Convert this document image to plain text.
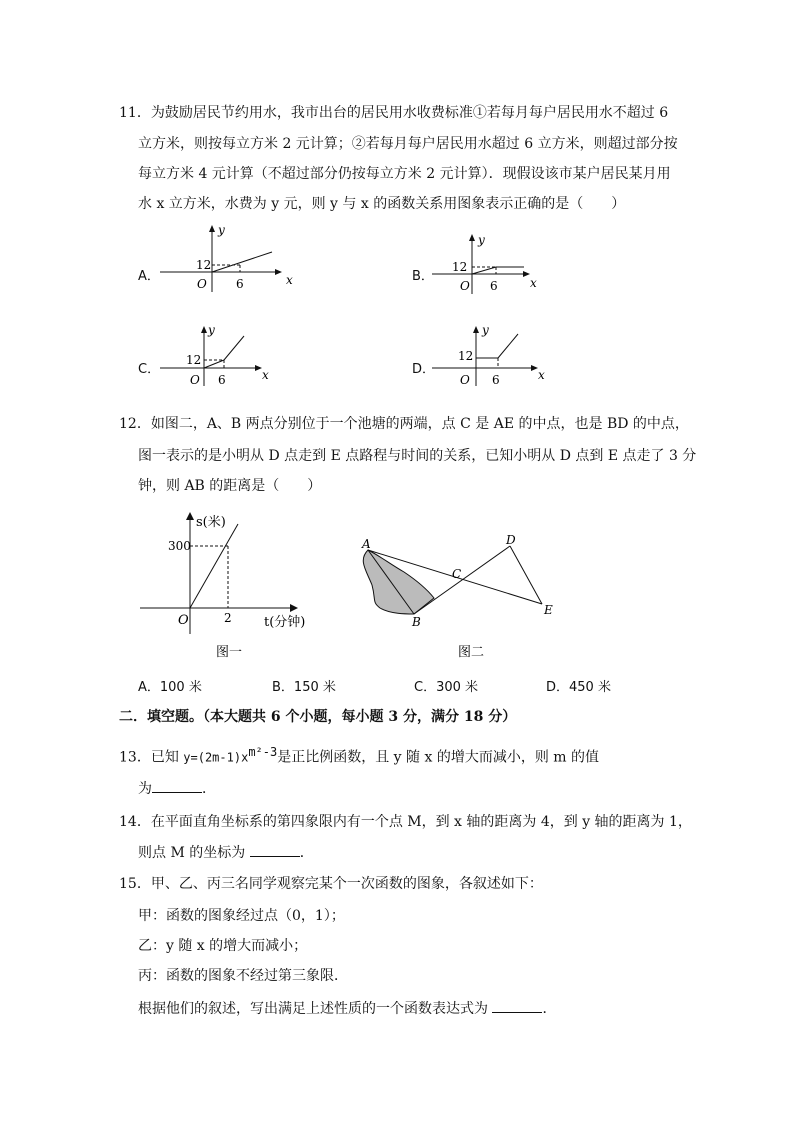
11．为鼓励居民节约用水，我市出台的居民用水收费标准①若每月每户居民用水不超过 6
立方米，则按每立方米 2 元计算；②若每月每户居民用水超过 6 立方米，则超过部分按
每立方米 4 元计算（不超过部分仍按每立方米 2 元计算）．现假设该市某户居民某月用
水 x 立方米，水费为 y 元，则 y 与 x 的函数关系用图象表示正确的是（　　）
A．
y
x
12
O 6	B．
y
x
12
O 6
C．
y
x
12
O 6
D．
y
x
12
O 6
12．如图二，A、B 两点分别位于一个池塘的两端，点 C 是 AE 的中点，也是 BD 的中点，
图一表示的是小明从 D 点走到 E 点路程与时间的关系，已知小明从 D 点到 E 点走了 3 分
钟，则 AB 的距离是（　　）
s(米)
t(分钟)
300
O	2
图一
A
B
C
D
E
图二
A．100 米	B．150 米	C．300 米	D．450 米
二．填空题。（本大题共 6 个小题，每小题 3 分，满分 18 分）
13．已知 y=(2m-1)xm²-3是正比例函数，且 y 随 x 的增大而减小，则 m 的值
为	．
14．在平面直角坐标系的第四象限内有一个点 M，到 x 轴的距离为 4，到 y 轴的距离为 1，
则点 M 的坐标为	．
15．甲、乙、丙三名同学观察完某个一次函数的图象，各叙述如下：
甲：函数的图象经过点（0，1）；
乙：y 随 x 的增大而减小；
丙：函数的图象不经过第三象限．
根据他们的叙述，写出满足上述性质的一个函数表达式为	．
